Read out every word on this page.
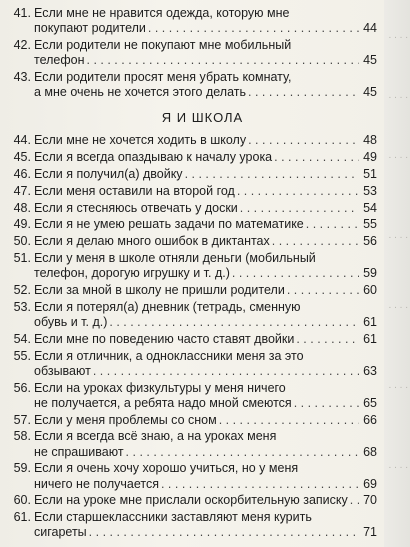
. . . .
. . . .
. . . .
. . . .
. . . .
. . . .
. . . .
41. Если мне не нравится одежда, которую мне
покупают родители . . .	44
42. Если родители не покупают мне мобильный
телефон . . .	45
43. Если родители просят меня убрать комнату,
а мне очень не хочется этого делать . . .	45
Я И ШКОЛА
44. Если мне не хочется ходить в школу . . .	48
45. Если я всегда опаздываю к началу урока . . .	49
46. Если я получил(а) двойку . . .	51
47. Если меня оставили на второй год . . .	53
48. Если я стесняюсь отвечать у доски . . .	54
49. Если я не умею решать задачи по математике . . .	55
50. Если я делаю много ошибок в диктантах . . .	56
51. Если у меня в школе отняли деньги (мобильный
телефон, дорогую игрушку и т. д.) . . .	59
52. Если за мной в школу не пришли родители . . .	60
53. Если я потерял(а) дневник (тетрадь, сменную
обувь и т. д.) . . .	61
54. Если мне по поведению часто ставят двойки . . .	61
55. Если я отличник, а одноклассники меня за это
обзывают . . .	63
56. Если на уроках физкультуры у меня ничего
не получается, а ребята надо мной смеются . . .	65
57. Если у меня проблемы со сном . . .	66
58. Если я всегда всё знаю, а на уроках меня
не спрашивают . . .	68
59. Если я очень хочу хорошо учиться, но у меня
ничего не получается . . .	69
60. Если на уроке мне прислали оскорбительную записку . . . 70
61. Если старшеклассники заставляют меня курить
сигареты . . .	71
